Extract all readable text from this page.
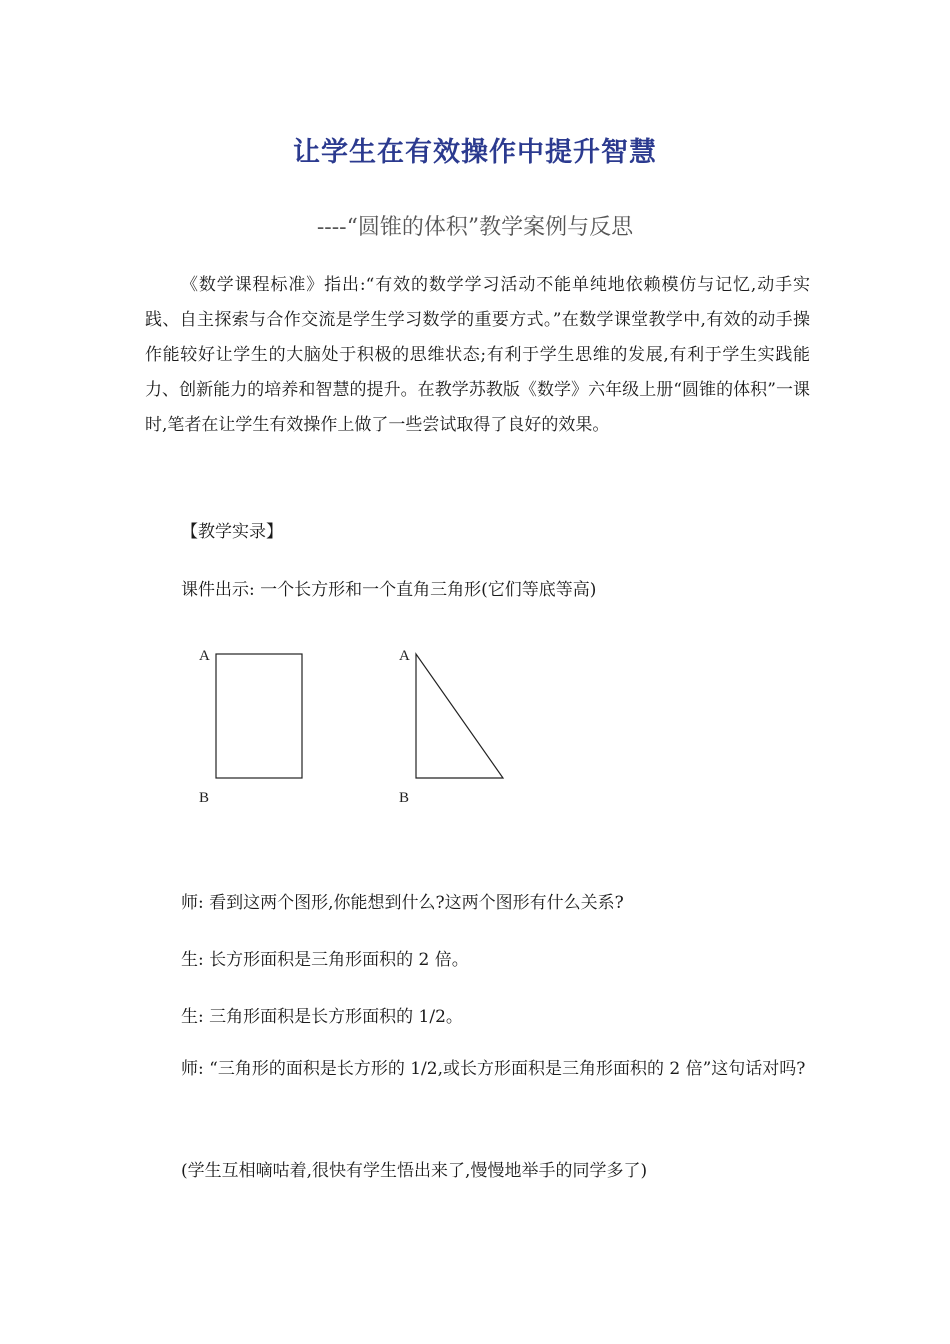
让学生在有效操作中提升智慧
----“圆锥的体积”教学案例与反思

《数学课程标准》指出:“有效的数学学习活动不能单纯地依赖模仿与记忆,动手实践、自主探索与合作交流是学生学习数学的重要方式。”在数学课堂教学中,有效的动手操作能较好让学生的大脑处于积极的思维状态;有利于学生思维的发展,有利于学生实践能力、创新能力的培养和智慧的提升。在教学苏教版《数学》六年级上册“圆锥的体积”一课时,笔者在让学生有效操作上做了一些尝试取得了良好的效果。

【教学实录】

课件出示: 一个长方形和一个直角三角形(它们等底等高)

A
B
A
B

师: 看到这两个图形,你能想到什么?这两个图形有什么关系?

生: 长方形面积是三角形面积的 2 倍。

生: 三角形面积是长方形面积的 1/2。

师: “三角形的面积是长方形的 1/2,或长方形面积是三角形面积的 2 倍”这句话对吗?

(学生互相嘀咕着,很快有学生悟出来了,慢慢地举手的同学多了)
